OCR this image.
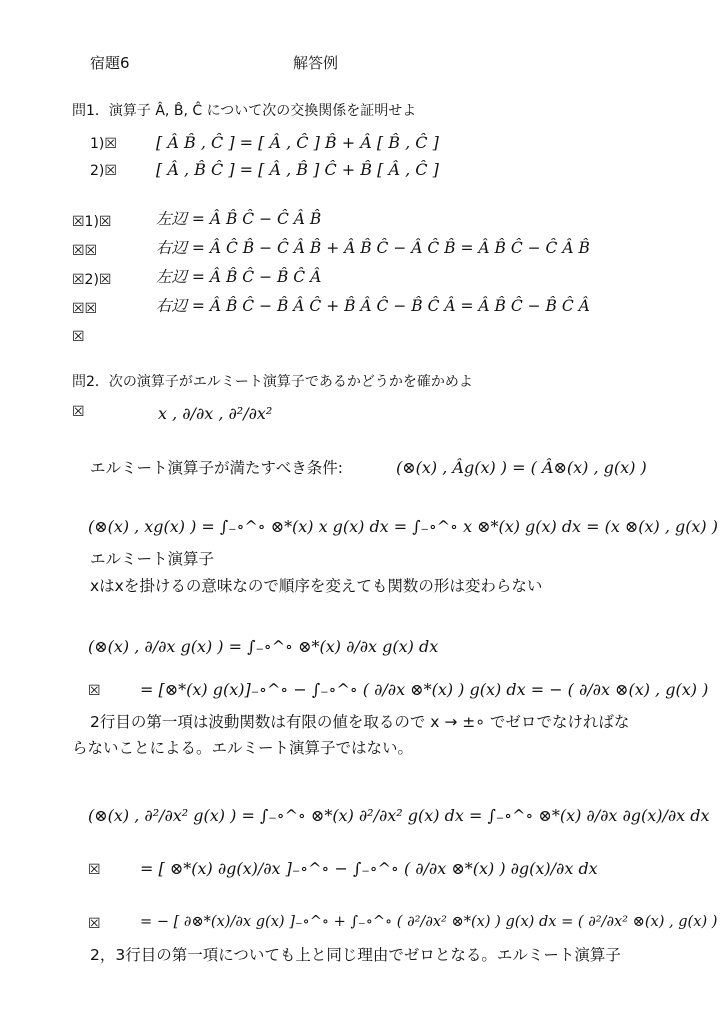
宿題6	解答例
問1．演算子 Â, B̂, Ĉ について次の交換関係を証明せよ
1)☒ [ Â B̂ , Ĉ ] = [ Â , Ĉ ] B̂ + Â [ B̂ , Ĉ ]
2)☒ [ Â , B̂ Ĉ ] = [ Â , B̂ ] Ĉ + B̂ [ Â , Ĉ ]
☒1)☒	左辺 = Â B̂ Ĉ − Ĉ Â B̂
☒☒	右辺 = Â Ĉ B̂ − Ĉ Â B̂ + Â B̂ Ĉ − Â Ĉ B̂ = Â B̂ Ĉ − Ĉ Â B̂
☒2)☒	左辺 = Â B̂ Ĉ − B̂ Ĉ Â
☒☒	右辺 = Â B̂ Ĉ − B̂ Â Ĉ + B̂ Â Ĉ − B̂ Ĉ Â = Â B̂ Ĉ − B̂ Ĉ Â
☒
問2．次の演算子がエルミート演算子であるかどうかを確かめよ
☒	x , ∂/∂x , ∂²/∂x²
エルミート演算子が満たすべき条件:	(⊗(x) , Âg(x) ) = ( Â⊗(x) , g(x) )
(⊗(x) , xg(x) ) = ∫₋∘^∘ ⊗*(x) x g(x) dx = ∫₋∘^∘ x ⊗*(x) g(x) dx = (x ⊗(x) , g(x) )
エルミート演算子
xはxを掛けるの意味なので順序を変えても関数の形は変わらない
(⊗(x) , ∂/∂x g(x) ) = ∫₋∘^∘ ⊗*(x) ∂/∂x g(x) dx
☒ = [⊗*(x) g(x)]₋∘^∘ − ∫₋∘^∘ ( ∂/∂x ⊗*(x) ) g(x) dx = − ( ∂/∂x ⊗(x) , g(x) )
2行目の第一項は波動関数は有限の値を取るので x → ±∘ でゼロでなければな
らないことによる。エルミート演算子ではない。
(⊗(x) , ∂²/∂x² g(x) ) = ∫₋∘^∘ ⊗*(x) ∂²/∂x² g(x) dx = ∫₋∘^∘ ⊗*(x) ∂/∂x ∂g(x)/∂x dx
☒ = [ ⊗*(x) ∂g(x)/∂x ]₋∘^∘ − ∫₋∘^∘ ( ∂/∂x ⊗*(x) ) ∂g(x)/∂x dx
☒	= − [ ∂⊗*(x)/∂x g(x) ]₋∘^∘ + ∫₋∘^∘ ( ∂²/∂x² ⊗*(x) ) g(x) dx = ( ∂²/∂x² ⊗(x) , g(x) )
2，3行目の第一項についても上と同じ理由でゼロとなる。エルミート演算子
